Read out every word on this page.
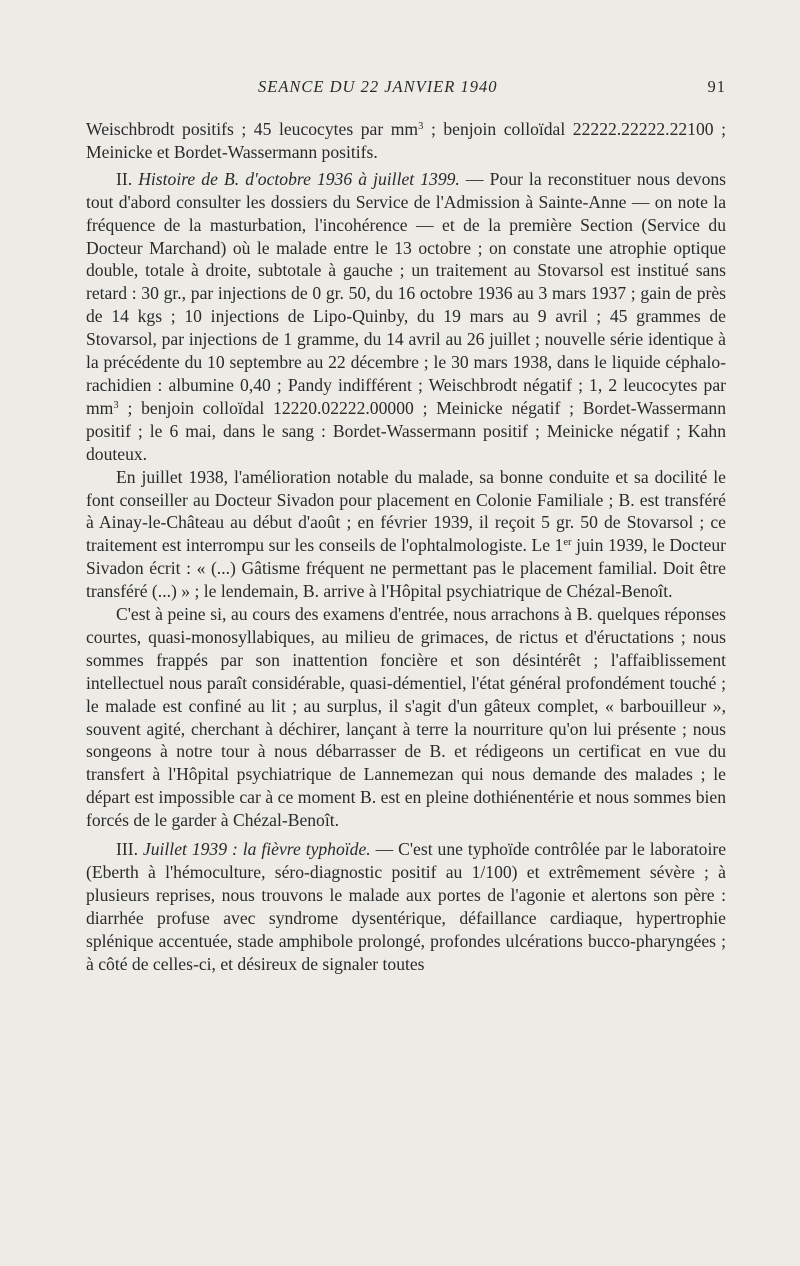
SEANCE DU 22 JANVIER 1940	91

Weischbrodt positifs ; 45 leucocytes par $mm^3$ ; benjoin colloïdal 22222.22222.22100 ; Meinicke et Bordet-Wassermann positifs.

II. Histoire de B. d'octobre 1936 à juillet 1399. — Pour la reconstituer nous devons tout d'abord consulter les dossiers du Service de l'Admission à Sainte-Anne — on note la fréquence de la masturbation, l'incohérence — et de la première Section (Service du Docteur Marchand) où le malade entre le 13 octobre ; on constate une atrophie optique double, totale à droite, subtotale à gauche ; un traitement au Stovarsol est institué sans retard : 30 gr., par injections de 0 gr. 50, du 16 octobre 1936 au 3 mars 1937 ; gain de près de 14 kgs ; 10 injections de Lipo-Quinby, du 19 mars au 9 avril ; 45 grammes de Stovarsol, par injections de 1 gramme, du 14 avril au 26 juillet ; nouvelle série identique à la précédente du 10 septembre au 22 décembre ; le 30 mars 1938, dans le liquide céphalo-rachidien : albumine 0,40 ; Pandy indifférent ; Weischbrodt négatif ; 1, 2 leucocytes par $mm^3$ ; benjoin colloïdal 12220.02222.00000 ; Meinicke négatif ; Bordet-Wassermann positif ; le 6 mai, dans le sang : Bordet-Wassermann positif ; Meinicke négatif ; Kahn douteux.

En juillet 1938, l'amélioration notable du malade, sa bonne conduite et sa docilité le font conseiller au Docteur Sivadon pour placement en Colonie Familiale ; B. est transféré à Ainay-le-Château au début d'août ; en février 1939, il reçoit 5 gr. 50 de Stovarsol ; ce traitement est interrompu sur les conseils de l'ophtalmologiste. Le 1er juin 1939, le Docteur Sivadon écrit : « (...) Gâtisme fréquent ne permettant pas le placement familial. Doit être transféré (...) » ; le lendemain, B. arrive à l'Hôpital psychiatrique de Chézal-Benoît.

C'est à peine si, au cours des examens d'entrée, nous arrachons à B. quelques réponses courtes, quasi-monosyllabiques, au milieu de grimaces, de rictus et d'éructations ; nous sommes frappés par son inattention foncière et son désintérêt ; l'affaiblissement intellectuel nous paraît considérable, quasi-démentiel, l'état général profondément touché ; le malade est confiné au lit ; au surplus, il s'agit d'un gâteux complet, « barbouilleur », souvent agité, cherchant à déchirer, lançant à terre la nourriture qu'on lui présente ; nous songeons à notre tour à nous débarrasser de B. et rédigeons un certificat en vue du transfert à l'Hôpital psychiatrique de Lannemezan qui nous demande des malades ; le départ est impossible car à ce moment B. est en pleine dothiénentérie et nous sommes bien forcés de le garder à Chézal-Benoît.

III. Juillet 1939 : la fièvre typhoïde. — C'est une typhoïde contrôlée par le laboratoire (Eberth à l'hémoculture, séro-diagnostic positif au 1/100) et extrêmement sévère ; à plusieurs reprises, nous trouvons le malade aux portes de l'agonie et alertons son père : diarrhée profuse avec syndrome dysentérique, défaillance cardiaque, hypertrophie splénique accentuée, stade amphibole prolongé, profondes ulcérations bucco-pharyngées ; à côté de celles-ci, et désireux de signaler toutes
